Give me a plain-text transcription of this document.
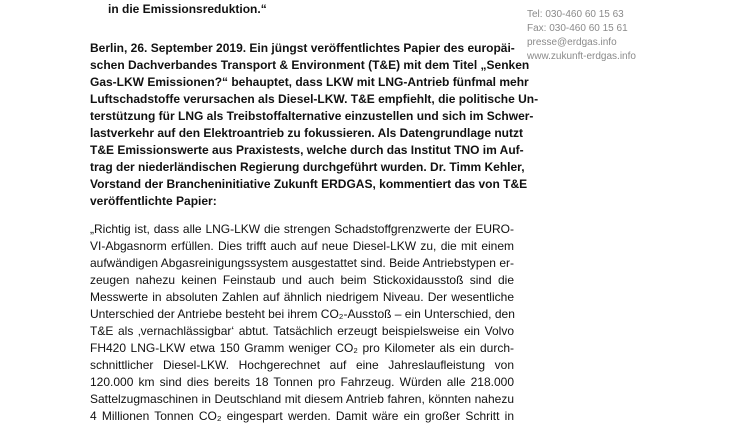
in die Emissionsreduktion.“	Tel: 030-460 60 15 63
Fax: 030-460 60 15 61
presse@erdgas.info
www.zukunft-erdgas.info
Berlin, 26. September 2019. Ein jüngst veröffentlichtes Papier des europäi-
schen Dachverbandes Transport & Environment (T&E) mit dem Titel „Senken
Gas-LKW Emissionen?“ behauptet, dass LKW mit LNG-Antrieb fünfmal mehr
Luftschadstoffe verursachen als Diesel-LKW. T&E empfiehlt, die politische Un-
terstützung für LNG als Treibstoffalternative einzustellen und sich im Schwer-
lastverkehr auf den Elektroantrieb zu fokussieren. Als Datengrundlage nutzt
T&E Emissionswerte aus Praxistests, welche durch das Institut TNO im Auf-
trag der niederländischen Regierung durchgeführt wurden. Dr. Timm Kehler,
Vorstand der Brancheninitiative Zukunft ERDGAS, kommentiert das von T&E
veröffentlichte Papier:
„Richtig ist, dass alle LNG-LKW die strengen Schadstoffgrenzwerte der EURO-
VI-Abgasnorm erfüllen. Dies trifft auch auf neue Diesel-LKW zu, die mit einem
aufwändigen Abgasreinigungssystem ausgestattet sind. Beide Antriebstypen er-
zeugen nahezu keinen Feinstaub und auch beim Stickoxidausstoß sind die
Messwerte in absoluten Zahlen auf ähnlich niedrigem Niveau. Der wesentliche
Unterschied der Antriebe besteht bei ihrem CO₂-Ausstoß – ein Unterschied, den
T&E als ‚vernachlässigbar‘ abtut. Tatsächlich erzeugt beispielsweise ein Volvo
FH420 LNG-LKW etwa 150 Gramm weniger CO₂ pro Kilometer als ein durch-
schnittlicher Diesel-LKW. Hochgerechnet auf eine Jahreslaufleistung von
120.000 km sind dies bereits 18 Tonnen pro Fahrzeug. Würden alle 218.000
Sattelzugmaschinen in Deutschland mit diesem Antrieb fahren, könnten nahezu
4 Millionen Tonnen CO₂ eingespart werden. Damit wäre ein großer Schritt in
